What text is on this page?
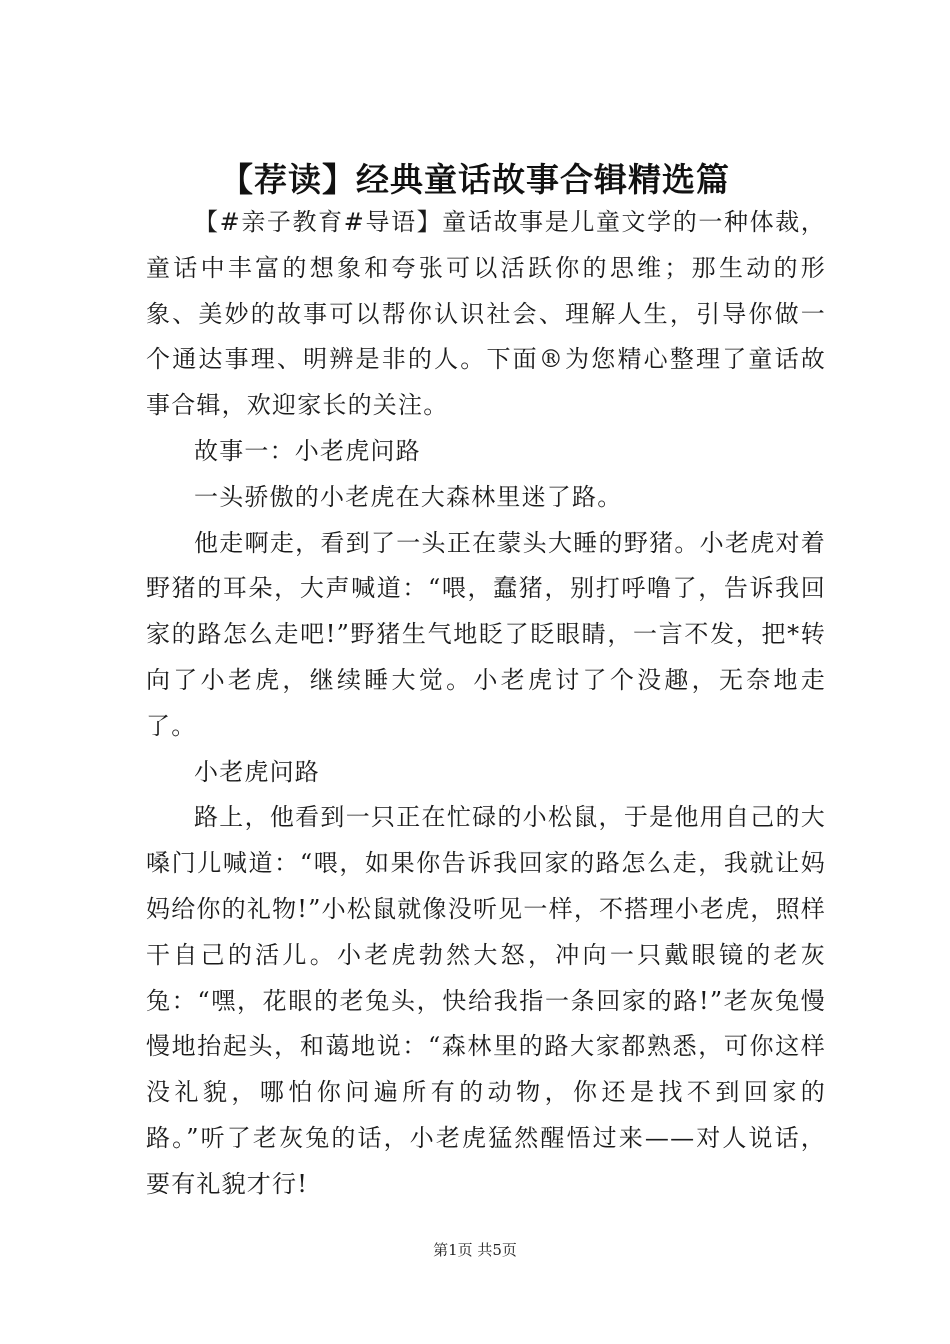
【荐读】经典童话故事合辑精选篇

【#亲子教育#导语】童话故事是儿童文学的一种体裁，童话中丰富的想象和夸张可以活跃你的思维；那生动的形象、美妙的故事可以帮你认识社会、理解人生，引导你做一个通达事理、明辨是非的人。下面®为您精心整理了童话故事合辑，欢迎家长的关注。

故事一：小老虎问路

一头骄傲的小老虎在大森林里迷了路。

他走啊走，看到了一头正在蒙头大睡的野猪。小老虎对着野猪的耳朵，大声喊道：“喂，蠢猪，别打呼噜了，告诉我回家的路怎么走吧!”野猪生气地眨了眨眼睛，一言不发，把*转向了小老虎，继续睡大觉。小老虎讨了个没趣，无奈地走了。

小老虎问路

路上，他看到一只正在忙碌的小松鼠，于是他用自己的大嗓门儿喊道：“喂，如果你告诉我回家的路怎么走，我就让妈妈给你的礼物!”小松鼠就像没听见一样，不搭理小老虎，照样干自己的活儿。小老虎勃然大怒，冲向一只戴眼镜的老灰兔：“嘿，花眼的老兔头，快给我指一条回家的路!”老灰兔慢慢地抬起头，和蔼地说：“森林里的路大家都熟悉，可你这样没礼貌，哪怕你问遍所有的动物，你还是找不到回家的路。”听了老灰兔的话，小老虎猛然醒悟过来——对人说话，要有礼貌才行!

第1页 共5页
